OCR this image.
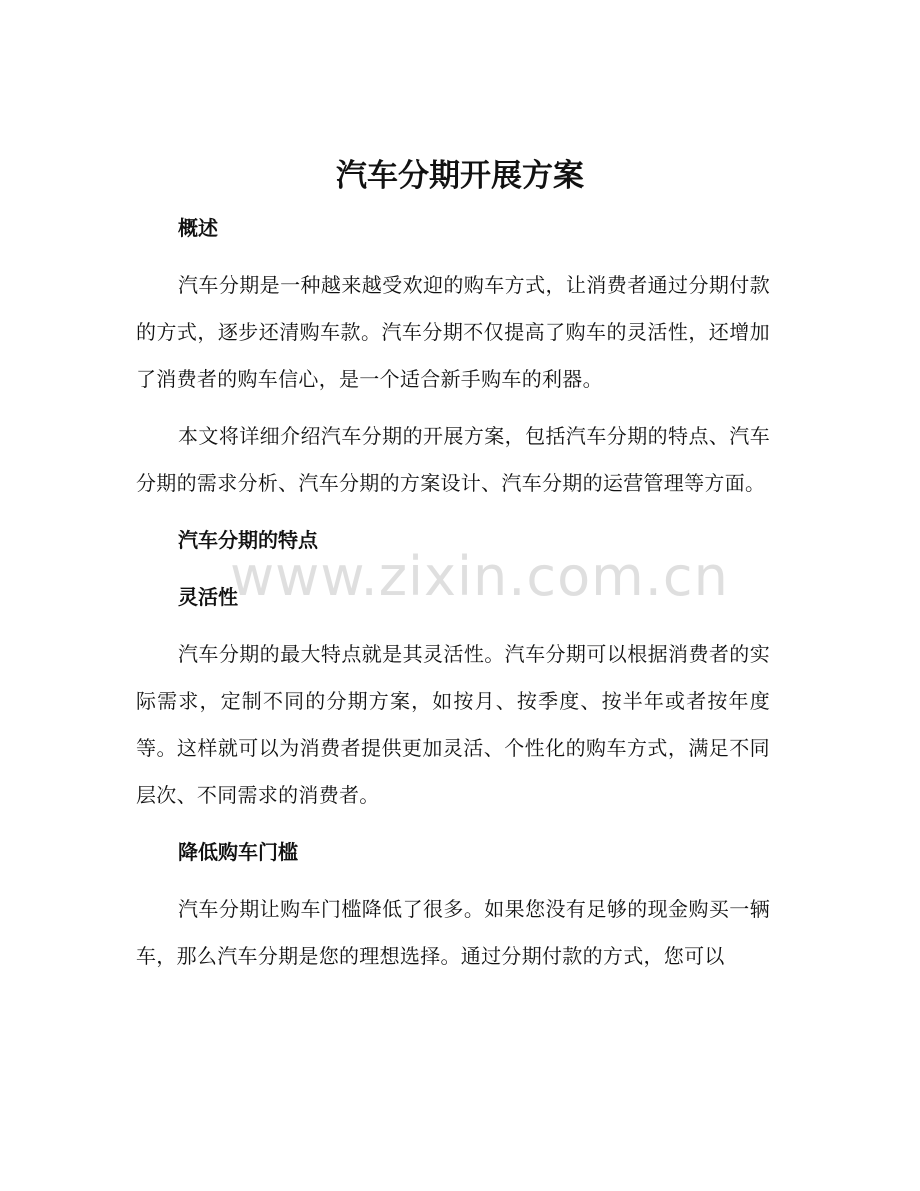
汽车分期开展方案
概述

汽车分期是一种越来越受欢迎的购车方式，让消费者通过分期付款的方式，逐步还清购车款。汽车分期不仅提高了购车的灵活性，还增加了消费者的购车信心，是一个适合新手购车的利器。

本文将详细介绍汽车分期的开展方案，包括汽车分期的特点、汽车分期的需求分析、汽车分期的方案设计、汽车分期的运营管理等方面。

汽车分期的特点
灵活性

汽车分期的最大特点就是其灵活性。汽车分期可以根据消费者的实际需求，定制不同的分期方案，如按月、按季度、按半年或者按年度等。这样就可以为消费者提供更加灵活、个性化的购车方式，满足不同层次、不同需求的消费者。

降低购车门槛

汽车分期让购车门槛降低了很多。如果您没有足够的现金购买一辆车，那么汽车分期是您的理想选择。通过分期付款的方式，您可以

www.zixin.com.cn
